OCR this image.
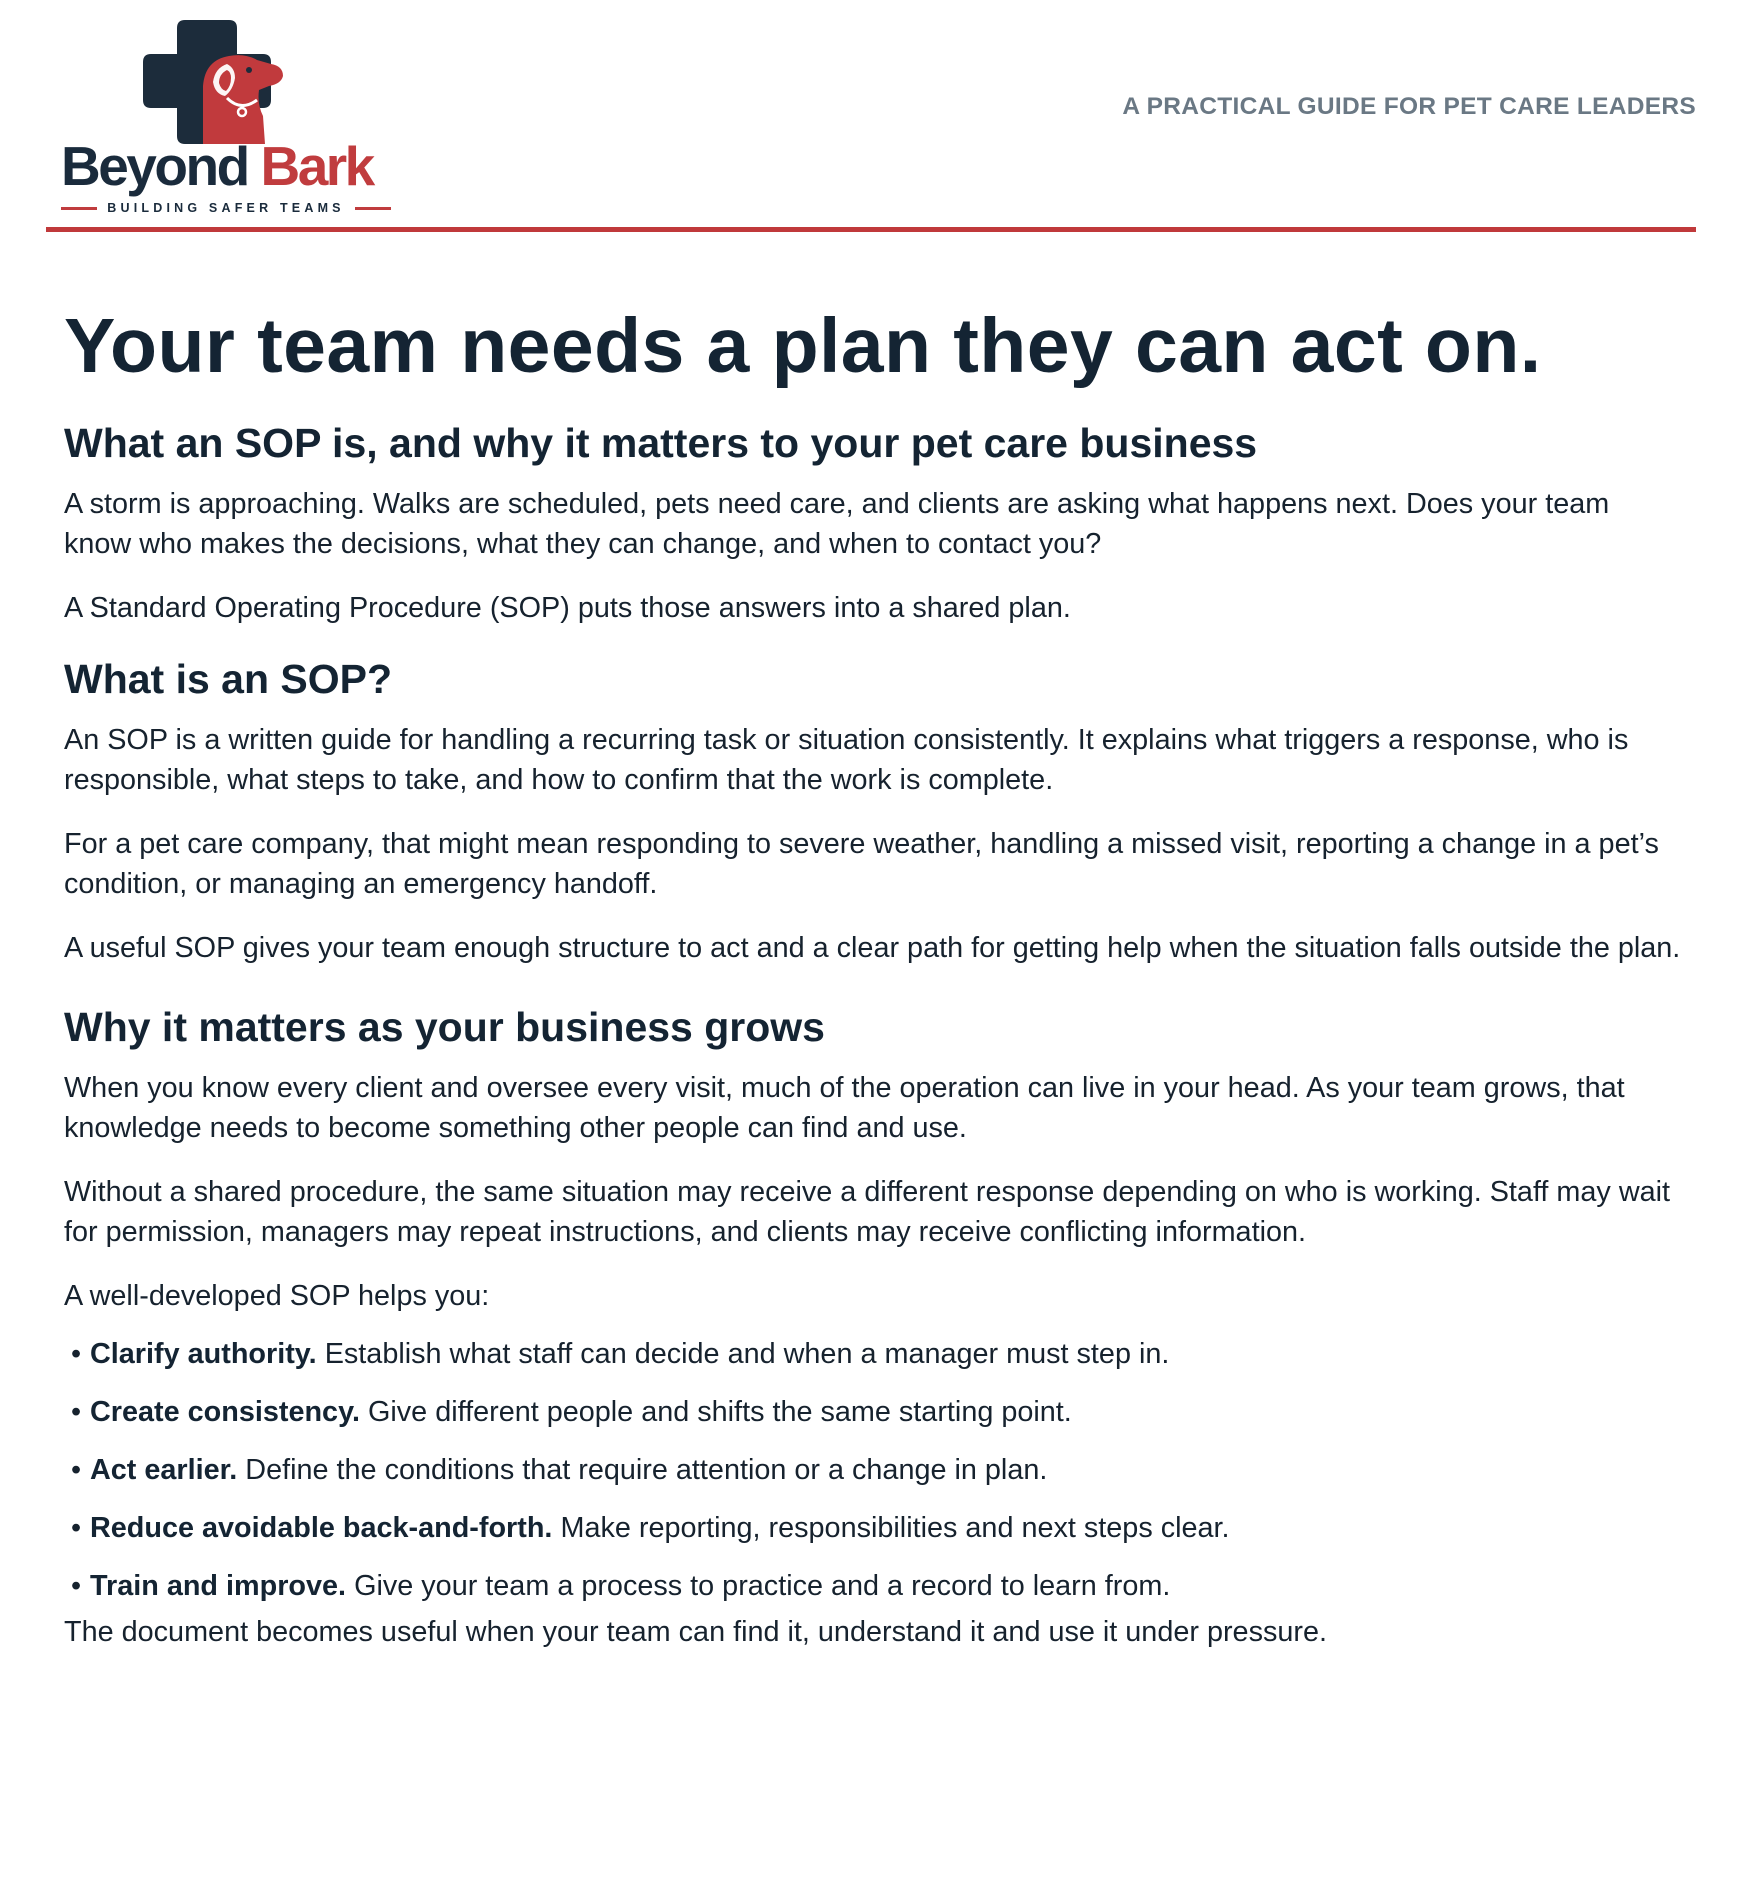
Beyond Bark
BUILDING SAFER TEAMS
A PRACTICAL GUIDE FOR PET CARE LEADERS
Your team needs a plan they can act on.
What an SOP is, and why it matters to your pet care business

A storm is approaching. Walks are scheduled, pets need care, and clients are asking what happens next. Does your team know who makes the decisions, what they can change, and when to contact you?

A Standard Operating Procedure (SOP) puts those answers into a shared plan.

What is an SOP?

An SOP is a written guide for handling a recurring task or situation consistently. It explains what triggers a response, who is responsible, what steps to take, and how to confirm that the work is complete.

For a pet care company, that might mean responding to severe weather, handling a missed visit, reporting a change in a pet’s condition, or managing an emergency handoff.

A useful SOP gives your team enough structure to act and a clear path for getting help when the situation falls outside the plan.

Why it matters as your business grows

When you know every client and oversee every visit, much of the operation can live in your head. As your team grows, that knowledge needs to become something other people can find and use.

Without a shared procedure, the same situation may receive a different response depending on who is working. Staff may wait for permission, managers may repeat instructions, and clients may receive conflicting information.

A well-developed SOP helps you:

• Clarify authority. Establish what staff can decide and when a manager must step in.
• Create consistency. Give different people and shifts the same starting point.
• Act earlier. Define the conditions that require attention or a change in plan.
• Reduce avoidable back-and-forth. Make reporting, responsibilities and next steps clear.
• Train and improve. Give your team a process to practice and a record to learn from.

The document becomes useful when your team can find it, understand it and use it under pressure.
